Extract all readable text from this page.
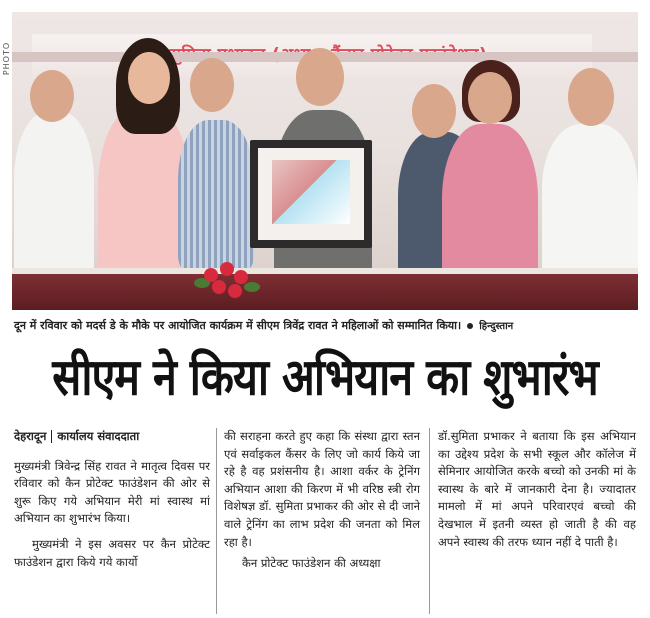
PHOTO
दून में रविवार को मदर्स डे के मौके पर आयोजित कार्यक्रम में सीएम त्रिवेंद्र रावत ने महिलाओं को सम्मानित किया। हिन्दुस्तान
सीएम ने किया अभियान का शुभारंभ

देहरादून कार्यालय संवाददाता

मुख्यमंत्री त्रिवेन्द्र सिंह रावत ने मातृत्व दिवस पर रविवार को कैन प्रोटेक्ट फाउंडेशन की ओर से शुरू किए गये अभियान मेरी मां स्वास्थ मां अभियान का शुभारंभ किया।

मुख्यमंत्री ने इस अवसर पर कैन प्रोटेक्ट फाउंडेशन द्वारा किये गये कार्यो

की सराहना करते हुए कहा कि संस्था द्वारा स्तन एवं सर्वाइकल कैंसर के लिए जो कार्य किये जा रहे है वह प्रशंसनीय है। आशा वर्कर के ट्रेनिंग अभियान आशा की किरण में भी वरिष्ठ स्त्री रोग विशेषज्ञ डॉ. सुमिता प्रभाकर की ओर से दी जाने वाले ट्रेनिंग का लाभ प्रदेश की जनता को मिल रहा है।

कैन प्रोटेक्ट फाउंडेशन की अध्यक्षा

डॉ.सुमिता प्रभाकर ने बताया कि इस अभियान का उद्देश्य प्रदेश के सभी स्कूल और कॉलेज में सेमिनार आयोजित करके बच्चो को उनकी मां के स्वास्थ के बारे में जानकारी देना है। ज्यादातर मामलो में मां अपने परिवारएवं बच्चो की देखभाल में इतनी व्यस्त हो जाती है की वह अपने स्वास्थ की तरफ ध्यान नहीं दे पाती है।
